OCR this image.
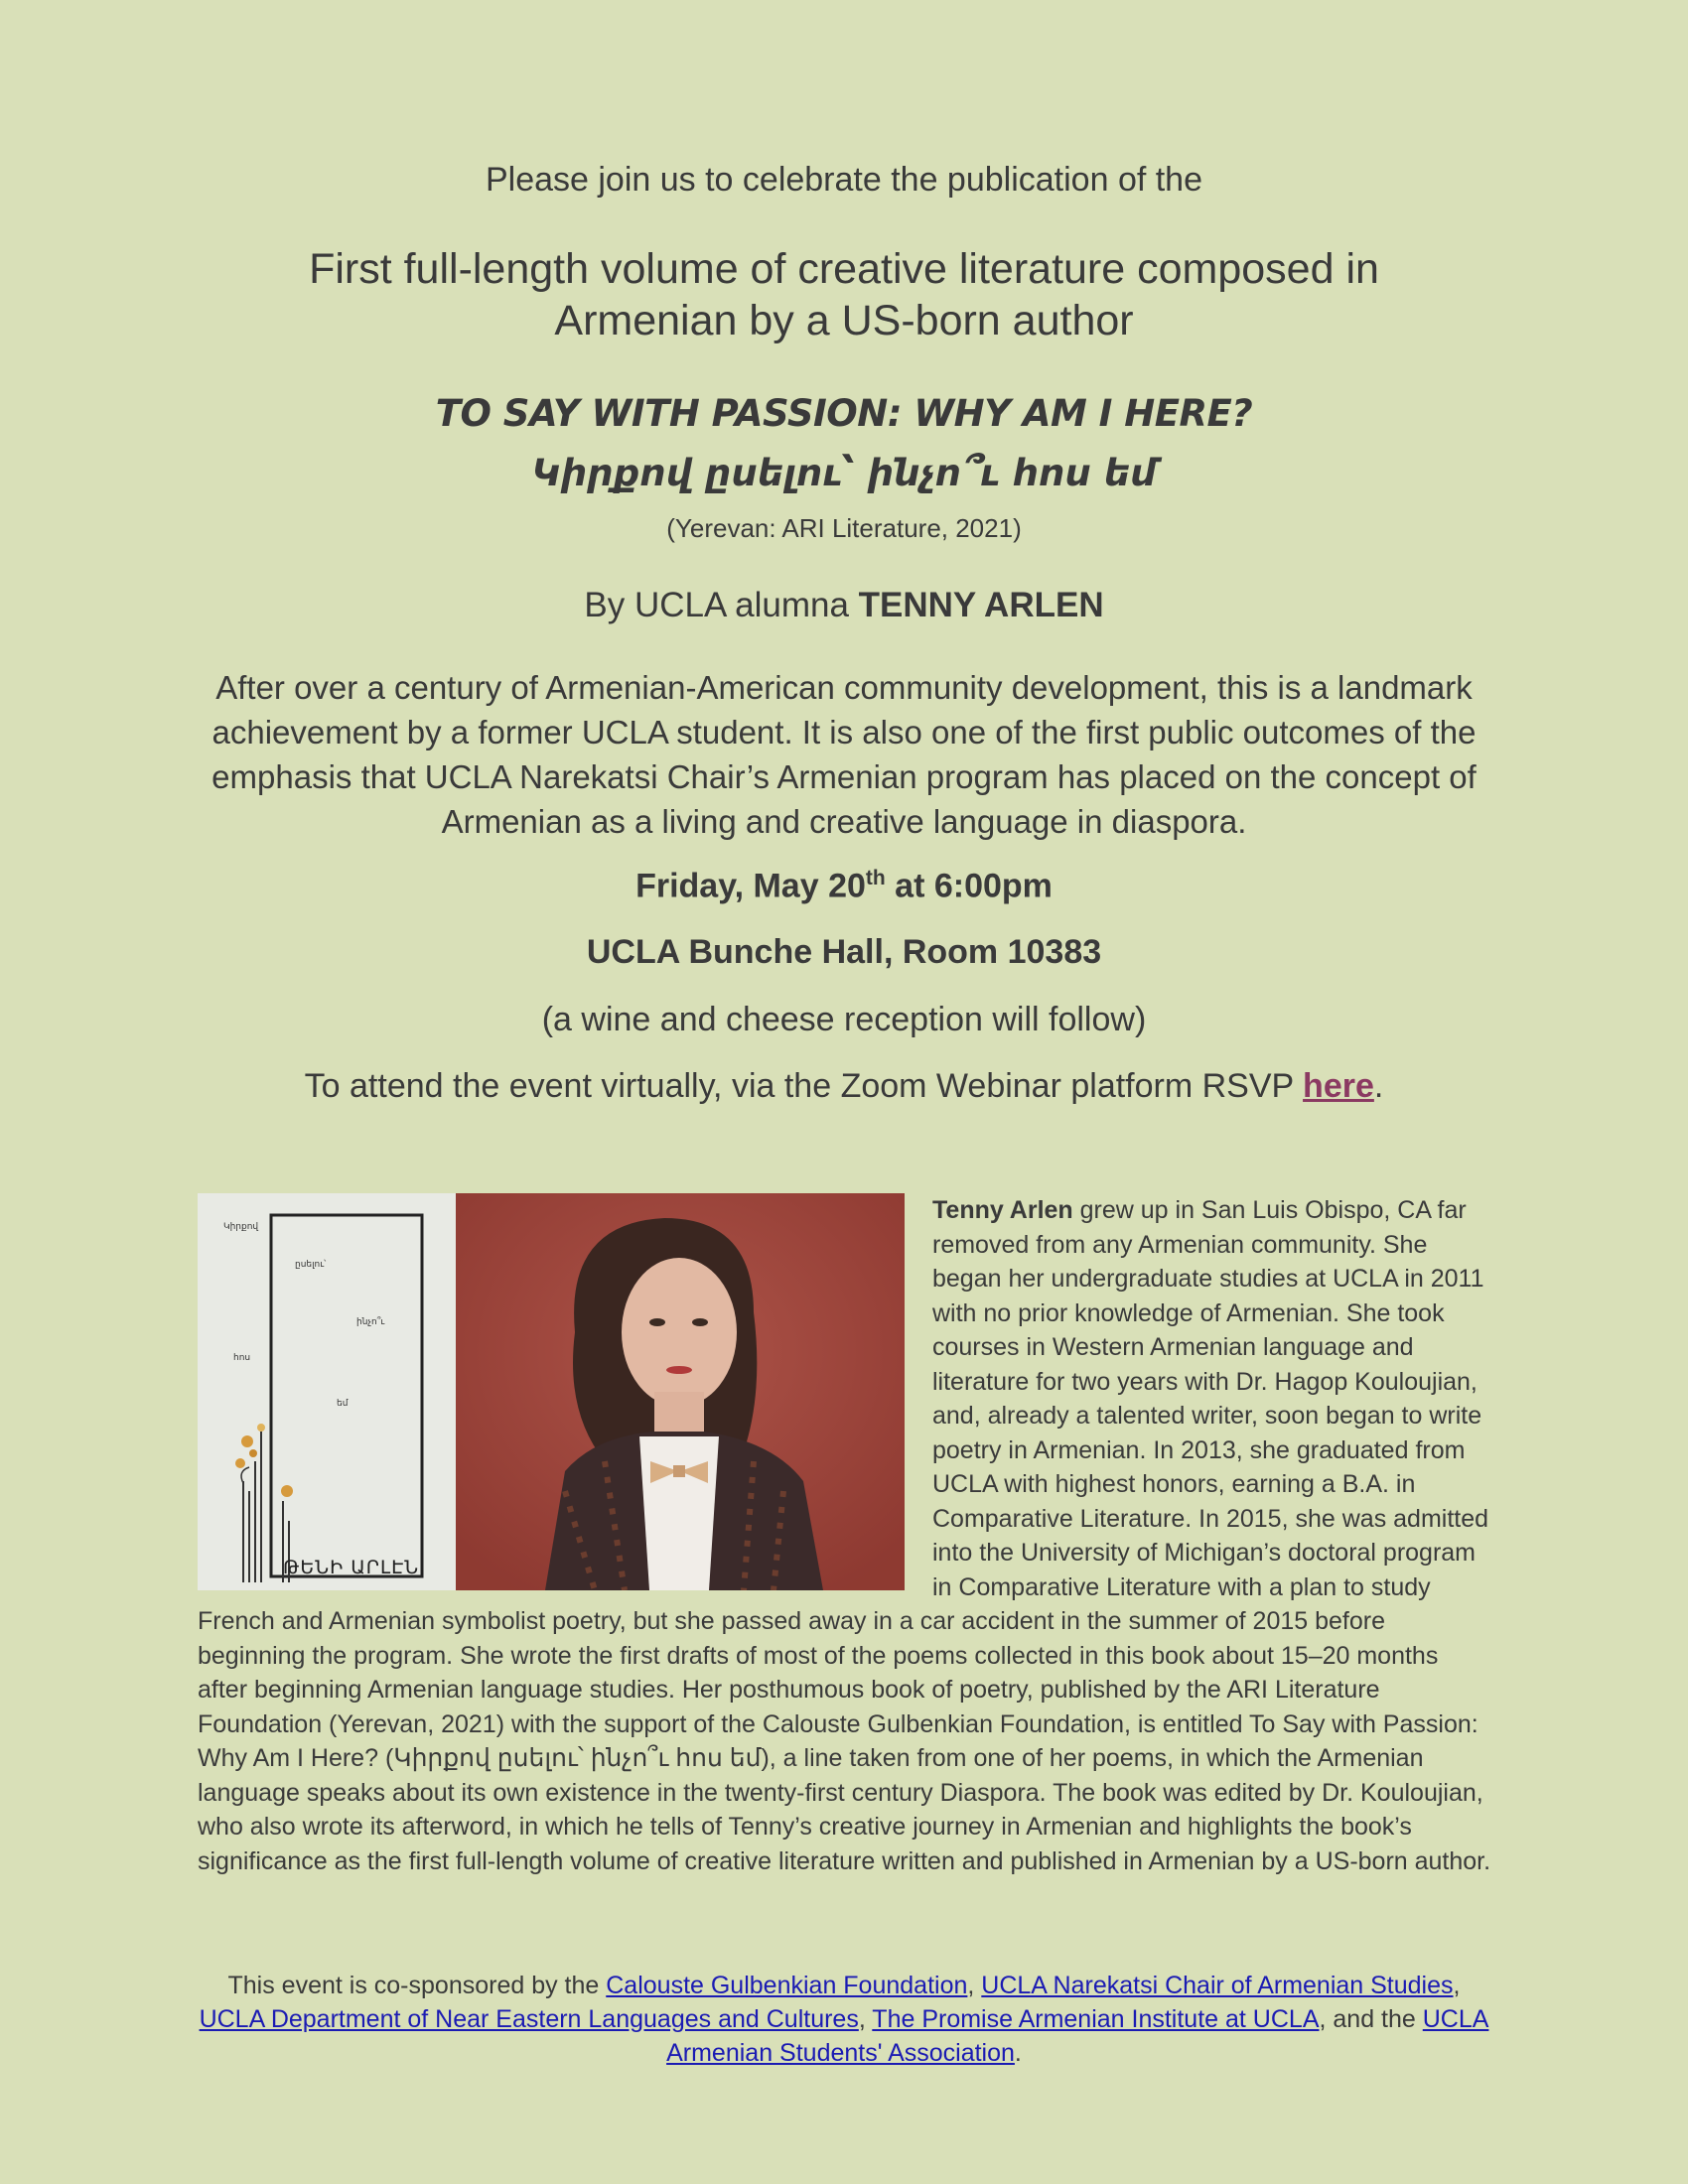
Please join us to celebrate the publication of the
First full-length volume of creative literature composed in
Armenian by a US-born author
TO SAY WITH PASSION: WHY AM I HERE?
Կիրքով ըսելու՝ ինչո՞ւ հոս եմ
(Yerevan: ARI Literature, 2021)
By UCLA alumna TENNY ARLEN
After over a century of Armenian-American community development, this is a landmark achievement by a former UCLA student. It is also one of the first public outcomes of the emphasis that UCLA Narekatsi Chair’s Armenian program has placed on the concept of Armenian as a living and creative language in diaspora.
Friday, May 20th at 6:00pm
UCLA Bunche Hall, Room 10383
(a wine and cheese reception will follow)
To attend the event virtually, via the Zoom Webinar platform RSVP here.
Կիրքով
ըսելու՝
ինչո՞ւ
հոս
եմ
ԹԵՆԻ ԱՐԼԷՆ
Tenny Arlen grew up in San Luis Obispo, CA far removed from any Armenian community. She began her undergraduate studies at UCLA in 2011 with no prior knowledge of Armenian. She took courses in Western Armenian language and literature for two years with Dr. Hagop Kouloujian, and, already a talented writer, soon began to write poetry in Armenian. In 2013, she graduated from UCLA with highest honors, earning a B.A. in Comparative Literature. In 2015, she was admitted into the University of Michigan’s doctoral program in Comparative Literature with a plan to study French and Armenian symbolist poetry, but she passed away in a car accident in the summer of 2015 before beginning the program. She wrote the first drafts of most of the poems collected in this book about 15–20 months after beginning Armenian language studies. Her posthumous book of poetry, published by the ARI Literature Foundation (Yerevan, 2021) with the support of the Calouste Gulbenkian Foundation, is entitled To Say with Passion: Why Am I Here? (Կիրքով ըսելու՝ ինչո՞ւ հոս եմ), a line taken from one of her poems, in which the Armenian language speaks about its own existence in the twenty-first century Diaspora. The book was edited by Dr. Kouloujian, who also wrote its afterword, in which he tells of Tenny’s creative journey in Armenian and highlights the book’s significance as the first full-length volume of creative literature written and published in Armenian by a US-born author.
This event is co-sponsored by the Calouste Gulbenkian Foundation, UCLA Narekatsi Chair of Armenian Studies, UCLA Department of Near Eastern Languages and Cultures, The Promise Armenian Institute at UCLA, and the UCLA Armenian Students' Association.
